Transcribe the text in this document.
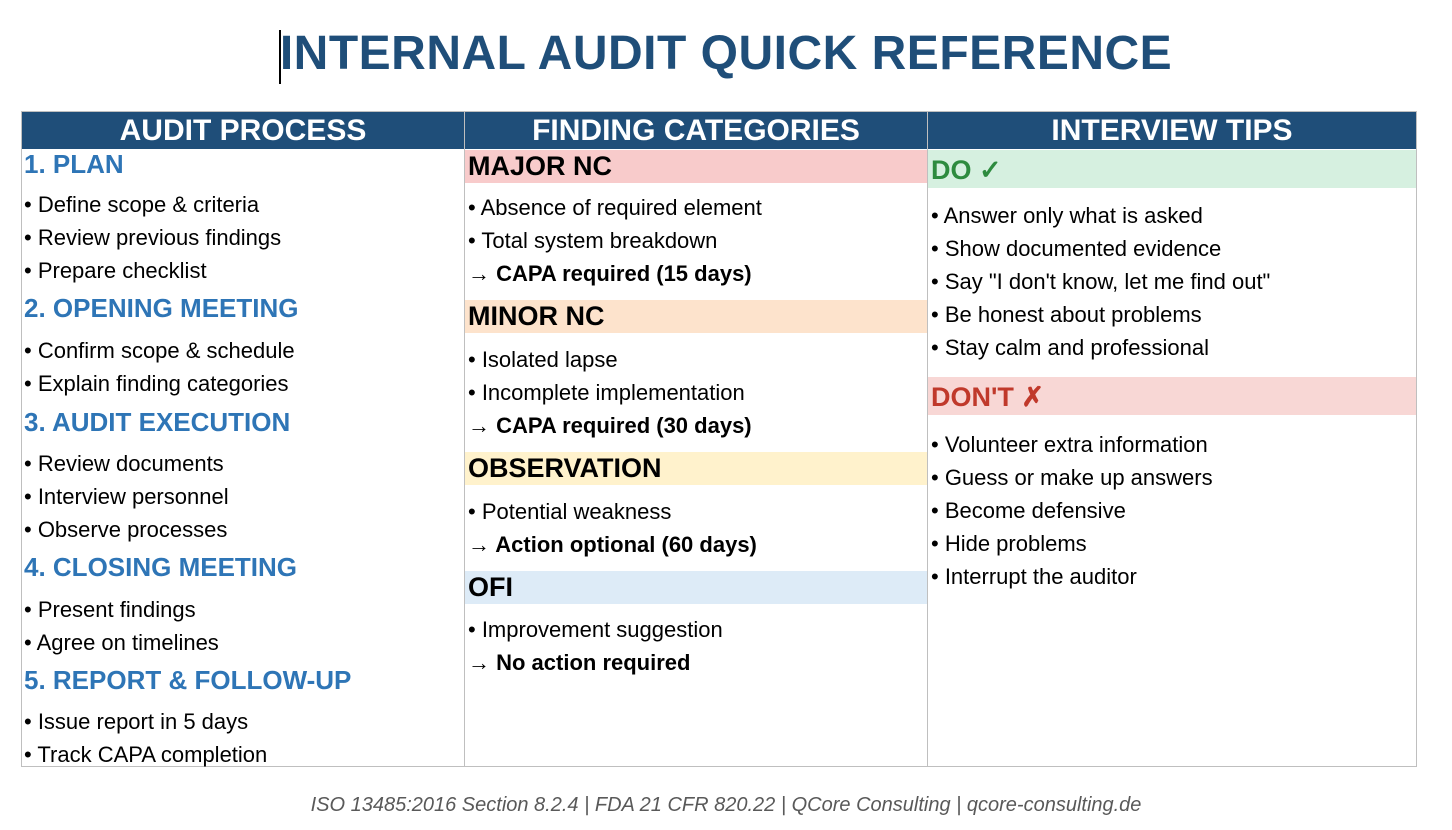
INTERNAL AUDIT QUICK REFERENCE
AUDIT PROCESS
1. PLAN
• Define scope & criteria
• Review previous findings
• Prepare checklist
2. OPENING MEETING
• Confirm scope & schedule
• Explain finding categories
3. AUDIT EXECUTION
• Review documents
• Interview personnel
• Observe processes
4. CLOSING MEETING
• Present findings
• Agree on timelines
5. REPORT & FOLLOW-UP
• Issue report in 5 days
• Track CAPA completion
FINDING CATEGORIES
MAJOR NC
• Absence of required element
• Total system breakdown
→ CAPA required (15 days)
MINOR NC
• Isolated lapse
• Incomplete implementation
→ CAPA required (30 days)
OBSERVATION
• Potential weakness
→ Action optional (60 days)
OFI
• Improvement suggestion
→ No action required
INTERVIEW TIPS
DO ✓
• Answer only what is asked
• Show documented evidence
• Say "I don't know, let me find out"
• Be honest about problems
• Stay calm and professional
DON'T ✗
• Volunteer extra information
• Guess or make up answers
• Become defensive
• Hide problems
• Interrupt the auditor
ISO 13485:2016 Section 8.2.4 | FDA 21 CFR 820.22 | QCore Consulting | qcore-consulting.de
